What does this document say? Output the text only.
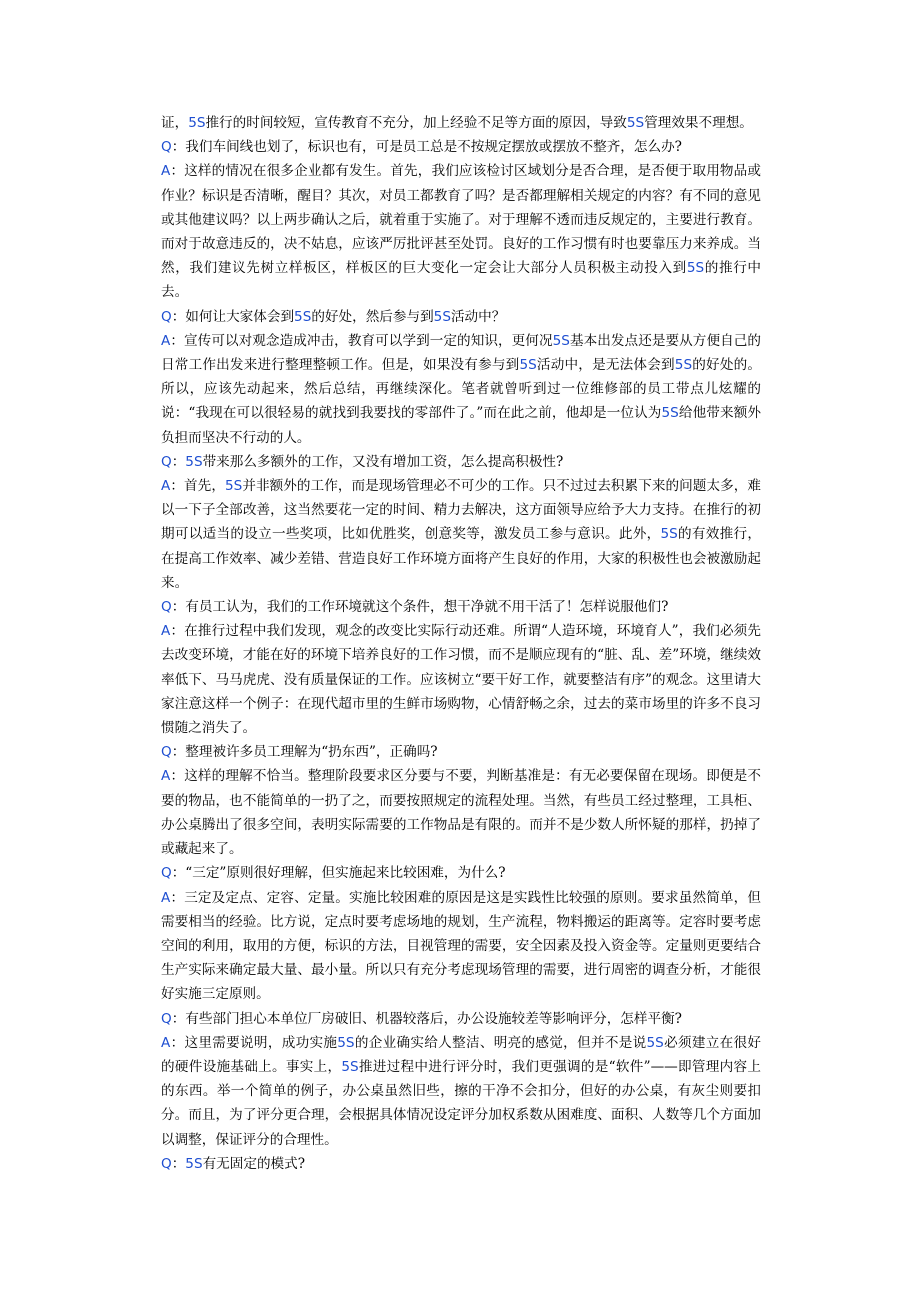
证，5S推行的时间较短，宣传教育不充分，加上经验不足等方面的原因，导致5S管理效果不理想。

Q：我们车间线也划了，标识也有，可是员工总是不按规定摆放或摆放不整齐，怎么办?

A：这样的情况在很多企业都有发生。首先，我们应该检讨区域划分是否合理，是否便于取用物品或作业？标识是否清晰，醒目？其次，对员工都教育了吗？是否都理解相关规定的内容？有不同的意见或其他建议吗？以上两步确认之后，就着重于实施了。对于理解不透而违反规定的，主要进行教育。而对于故意违反的，决不姑息，应该严厉批评甚至处罚。良好的工作习惯有时也要靠压力来养成。当然，我们建议先树立样板区，样板区的巨大变化一定会让大部分人员积极主动投入到5S的推行中去。

Q：如何让大家体会到5S的好处，然后参与到5S活动中？

A：宣传可以对观念造成冲击，教育可以学到一定的知识，更何况5S基本出发点还是要从方便自己的日常工作出发来进行整理整顿工作。但是，如果没有参与到5S活动中，是无法体会到5S的好处的。所以，应该先动起来，然后总结，再继续深化。笔者就曾听到过一位维修部的员工带点儿炫耀的说：“我现在可以很轻易的就找到我要找的零部件了。”而在此之前，他却是一位认为5S给他带来额外负担而坚决不行动的人。

Q：5S带来那么多额外的工作，又没有增加工资，怎么提高积极性?

A：首先，5S并非额外的工作，而是现场管理必不可少的工作。只不过过去积累下来的问题太多，难以一下子全部改善，这当然要花一定的时间、精力去解决，这方面领导应给予大力支持。在推行的初期可以适当的设立一些奖项，比如优胜奖，创意奖等，激发员工参与意识。此外，5S的有效推行，在提高工作效率、减少差错、营造良好工作环境方面将产生良好的作用，大家的积极性也会被激励起来。

Q：有员工认为，我们的工作环境就这个条件，想干净就不用干活了！怎样说服他们?

A：在推行过程中我们发现，观念的改变比实际行动还难。所谓“人造环境，环境育人”，我们必须先去改变环境，才能在好的环境下培养良好的工作习惯，而不是顺应现有的“脏、乱、差”环境，继续效率低下、马马虎虎、没有质量保证的工作。应该树立“要干好工作，就要整洁有序”的观念。这里请大家注意这样一个例子：在现代超市里的生鲜市场购物，心情舒畅之余，过去的菜市场里的许多不良习惯随之消失了。

Q：整理被许多员工理解为“扔东西”，正确吗?

A：这样的理解不恰当。整理阶段要求区分要与不要，判断基准是：有无必要保留在现场。即便是不要的物品，也不能简单的一扔了之，而要按照规定的流程处理。当然，有些员工经过整理，工具柜、办公桌腾出了很多空间，表明实际需要的工作物品是有限的。而并不是少数人所怀疑的那样，扔掉了或藏起来了。

Q：“三定”原则很好理解，但实施起来比较困难，为什么?

A：三定及定点、定容、定量。实施比较困难的原因是这是实践性比较强的原则。要求虽然简单，但需要相当的经验。比方说，定点时要考虑场地的规划，生产流程，物料搬运的距离等。定容时要考虑空间的利用，取用的方便，标识的方法，目视管理的需要，安全因素及投入资金等。定量则更要结合生产实际来确定最大量、最小量。所以只有充分考虑现场管理的需要，进行周密的调查分析，才能很好实施三定原则。

Q：有些部门担心本单位厂房破旧、机器较落后，办公设施较差等影响评分，怎样平衡?

A：这里需要说明，成功实施5S的企业确实给人整洁、明亮的感觉，但并不是说5S必须建立在很好的硬件设施基础上。事实上，5S推进过程中进行评分时，我们更强调的是“软件”——即管理内容上的东西。举一个简单的例子，办公桌虽然旧些，擦的干净不会扣分，但好的办公桌，有灰尘则要扣分。而且，为了评分更合理，会根据具体情况设定评分加权系数从困难度、面积、人数等几个方面加以调整，保证评分的合理性。

Q：5S有无固定的模式?
